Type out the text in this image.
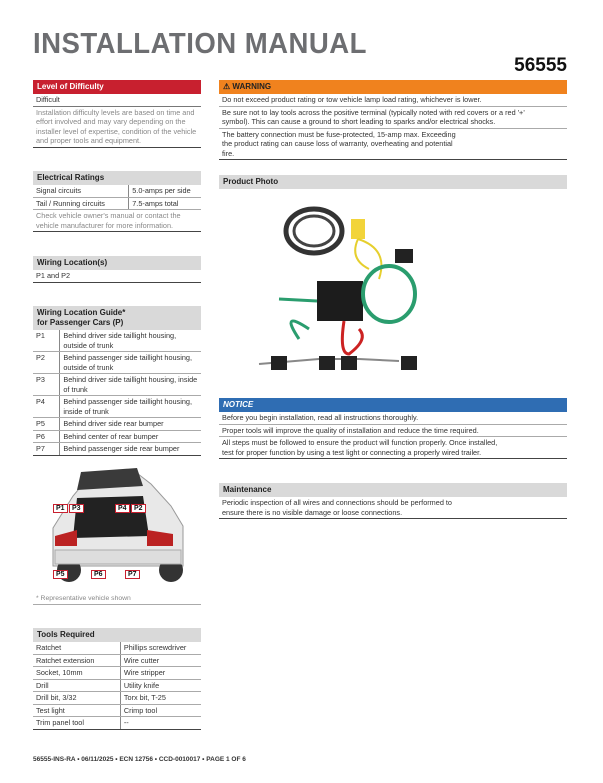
INSTALLATION MANUAL
56555
Level of Difficulty
Difficult
Installation difficulty levels are based on time and effort involved and may vary depending on the installer level of expertise, condition of the vehicle and proper tools and equipment.
Electrical Ratings
Signal circuits	5.0-amps per side
Tail / Running circuits	7.5-amps total
Check vehicle owner's manual or contact the vehicle manufacturer for more information.
Wiring Location(s)
P1 and P2
Wiring Location Guide*
for Passenger Cars (P)
P1	Behind driver side taillight housing, outside of trunk
P2	Behind passenger side taillight housing, outside of trunk
P3	Behind driver side taillight housing, inside of trunk
P4	Behind passenger side taillight housing, inside of trunk
P5	Behind driver side rear bumper
P6	Behind center of rear bumper
P7	Behind passenger side rear bumper
P1	P3	P4	P2
P5	P6	P7
* Representative vehicle shown
Tools Required
Ratchet	Phillips screwdriver
Ratchet extension	Wire cutter
Socket, 10mm	Wire stripper
Drill	Utility knife
Drill bit, 3/32	Torx bit, T-25
Test light	Crimp tool
Trim panel tool	--
⚠ WARNING
Do not exceed product rating or tow vehicle lamp load rating, whichever is lower.
Be sure not to lay tools across the positive terminal (typically noted with red covers or a red '+' symbol). This can cause a ground to short leading to sparks and/or electrical shocks.
The battery connection must be fuse-protected, 15-amp max. Exceeding the product rating can cause loss of warranty, overheating and potential fire.
Product Photo
NOTICE
Before you begin installation, read all instructions thoroughly.
Proper tools will improve the quality of installation and reduce the time required.
All steps must be followed to ensure the product will function properly. Once installed, test for proper function by using a test light or connecting a properly wired trailer.
Maintenance
Periodic inspection of all wires and connections should be performed to ensure there is no visible damage or loose connections.
56555-INS-RA • 06/11/2025 • ECN 12756 • CCD-0010017 • PAGE 1 OF 6
